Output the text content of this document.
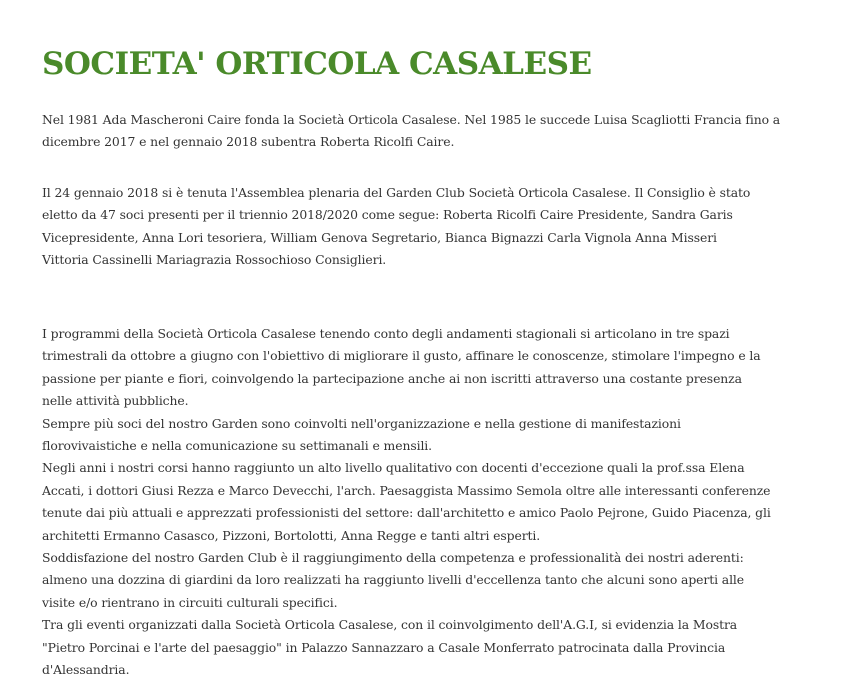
SOCIETA' ORTICOLA CASALESE

Nel 1981 Ada Mascheroni Caire fonda la Società Orticola Casalese. Nel 1985 le succede Luisa Scagliotti Francia fino a
dicembre 2017 e nel gennaio 2018 subentra Roberta Ricolfi Caire.

Il 24 gennaio 2018 si è tenuta l'Assemblea plenaria del Garden Club Società Orticola Casalese. Il Consiglio è stato
eletto da 47 soci presenti per il triennio 2018/2020 come segue: Roberta Ricolfi Caire Presidente, Sandra Garis
Vicepresidente, Anna Lori tesoriera, William Genova Segretario, Bianca Bignazzi Carla Vignola Anna Misseri
Vittoria Cassinelli Mariagrazia Rossochioso Consiglieri.

I programmi della Società Orticola Casalese tenendo conto degli andamenti stagionali si articolano in tre spazi
trimestrali da ottobre a giugno con l'obiettivo di migliorare il gusto, affinare le conoscenze, stimolare l'impegno e la
passione per piante e fiori, coinvolgendo la partecipazione anche ai non iscritti attraverso una costante presenza
nelle attività pubbliche.
Sempre più soci del nostro Garden sono coinvolti nell'organizzazione e nella gestione di manifestazioni
florovivaistiche e nella comunicazione su settimanali e mensili.
Negli anni i nostri corsi hanno raggiunto un alto livello qualitativo con docenti d'eccezione quali la prof.ssa Elena
Accati, i dottori Giusi Rezza e Marco Devecchi, l'arch. Paesaggista Massimo Semola oltre alle interessanti conferenze
tenute dai più attuali e apprezzati professionisti del settore: dall'architetto e amico Paolo Pejrone, Guido Piacenza, gli
architetti Ermanno Casasco, Pizzoni, Bortolotti, Anna Regge e tanti altri esperti.
Soddisfazione del nostro Garden Club è il raggiungimento della competenza e professionalità dei nostri aderenti:
almeno una dozzina di giardini da loro realizzati ha raggiunto livelli d'eccellenza tanto che alcuni sono aperti alle
visite e/o rientrano in circuiti culturali specifici.
Tra gli eventi organizzati dalla Società Orticola Casalese, con il coinvolgimento dell'A.G.I, si evidenzia la Mostra
"Pietro Porcinai e l'arte del paesaggio" in Palazzo Sannazzaro a Casale Monferrato patrocinata dalla Provincia
d'Alessandria.
